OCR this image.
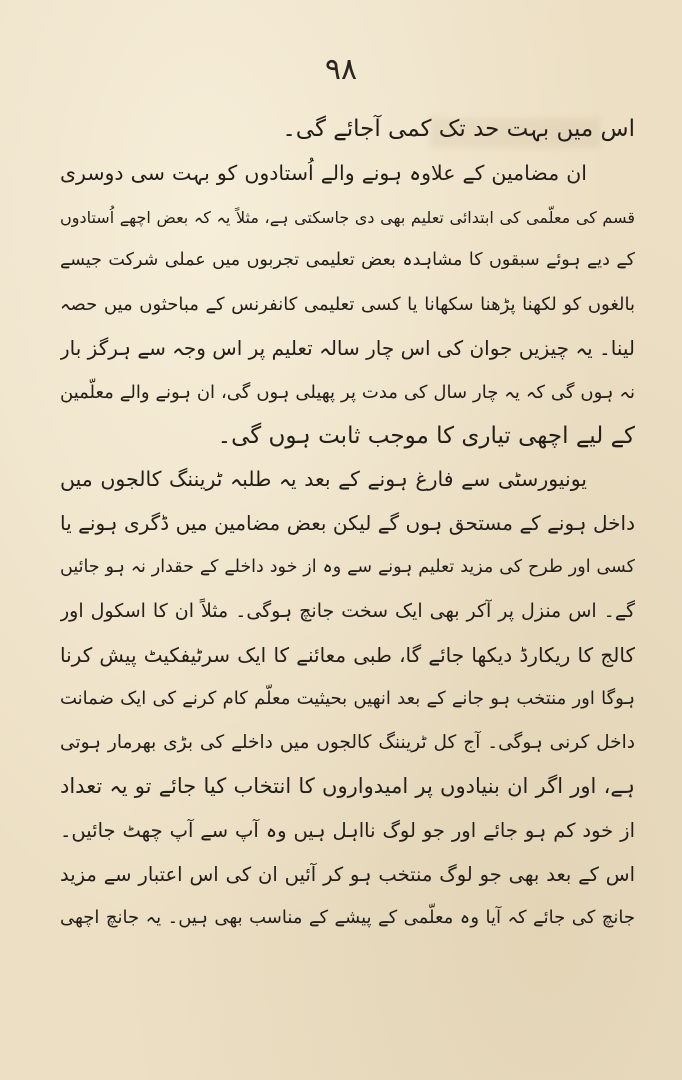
۹۸
اس میں بہت حد تک کمی آجائے گی۔
ان مضامین کے علاوہ ہونے والے اُستادوں کو بہت سی دوسری
قسم کی معلّمی کی ابتدائی تعلیم بھی دی جاسکتی ہے، مثلاً یہ کہ بعض اچھے اُستادوں
کے دیے ہوئے سبقوں کا مشاہدہ بعض تعلیمی تجربوں میں عملی شرکت جیسے
بالغوں کو لکھنا پڑھنا سکھانا یا کسی تعلیمی کانفرنس کے مباحثوں میں حصہ
لینا۔ یہ چیزیں جوان کی اس چار سالہ تعلیم پر اس وجہ سے ہرگز بار
نہ ہوں گی کہ یہ چار سال کی مدت پر پھیلی ہوں گی، ان ہونے والے معلّمین
کے لیے اچھی تیاری کا موجب ثابت ہوں گی۔
یونیورسٹی سے فارغ ہونے کے بعد یہ طلبہ ٹریننگ کالجوں میں
داخل ہونے کے مستحق ہوں گے لیکن بعض مضامین میں ڈگری ہونے یا
کسی اور طرح کی مزید تعلیم ہونے سے وہ از خود داخلے کے حقدار نہ ہو جائیں
گے۔ اس منزل پر آکر بھی ایک سخت جانچ ہوگی۔ مثلاً ان کا اسکول اور
کالج کا ریکارڈ دیکھا جائے گا، طبی معائنے کا ایک سرٹیفکیٹ پیش کرنا
ہوگا اور منتخب ہو جانے کے بعد انھیں بحیثیت معلّم کام کرنے کی ایک ضمانت
داخل کرنی ہوگی۔ آج کل ٹریننگ کالجوں میں داخلے کی بڑی بھرمار ہوتی
ہے، اور اگر ان بنیادوں پر امیدواروں کا انتخاب کیا جائے تو یہ تعداد
از خود کم ہو جائے اور جو لوگ نااہل ہیں وہ آپ سے آپ چھٹ جائیں۔
اس کے بعد بھی جو لوگ منتخب ہو کر آئیں ان کی اس اعتبار سے مزید
جانچ کی جائے کہ آیا وہ معلّمی کے پیشے کے مناسب بھی ہیں۔ یہ جانچ اچھی
